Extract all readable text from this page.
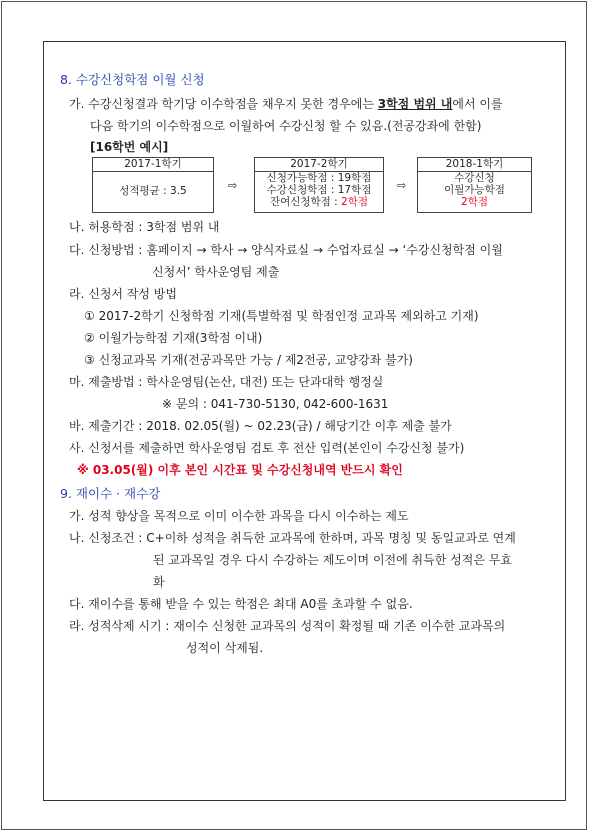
8. 수강신청학점 이월 신청
가. 수강신청결과 학기당 이수학점을 채우지 못한 경우에는 3학점 범위 내에서 이를
다음 학기의 이수학점으로 이월하여 수강신청 할 수 있음.(전공강좌에 한함)
[16학번 예시]
2017-1학기
성적평균 : 3.5	⇨
2017-2학기
신청가능학점 : 19학점
수강신청학점 : 17학점
잔여신청학점 : 2학점
⇨
2018-1학기
수강신청
이월가능학점
2학점
나. 허용학점 : 3학점 범위 내
다. 신청방법 : 홈페이지 → 학사 → 양식자료실 → 수업자료실 → ‘수강신청학점 이월
신청서’ 학사운영팀 제출
라. 신청서 작성 방법
① 2017-2학기 신청학점 기재(특별학점 및 학점인정 교과목 제외하고 기재)
② 이월가능학점 기재(3학점 이내)
③ 신청교과목 기재(전공과목만 가능 / 제2전공, 교양강좌 불가)
마. 제출방법 : 학사운영팀(논산, 대전) 또는 단과대학 행정실
※ 문의 : 041-730-5130, 042-600-1631
바. 제출기간 : 2018. 02.05(월) ~ 02.23(금) / 해당기간 이후 제출 불가
사. 신청서를 제출하면 학사운영팀 검토 후 전산 입력(본인이 수강신청 불가)
※ 03.05(월) 이후 본인 시간표 및 수강신청내역 반드시 확인
9. 재이수 · 재수강
가. 성적 향상을 목적으로 이미 이수한 과목을 다시 이수하는 제도
나. 신청조건 : C+이하 성적을 취득한 교과목에 한하며, 과목 명칭 및 동일교과로 연계
된 교과목일 경우 다시 수강하는 제도이며 이전에 취득한 성적은 무효
화
다. 재이수를 통해 받을 수 있는 학점은 최대 A0를 초과할 수 없음.
라. 성적삭제 시기 : 재이수 신청한 교과목의 성적이 확정될 때 기존 이수한 교과목의
성적이 삭제됨.
